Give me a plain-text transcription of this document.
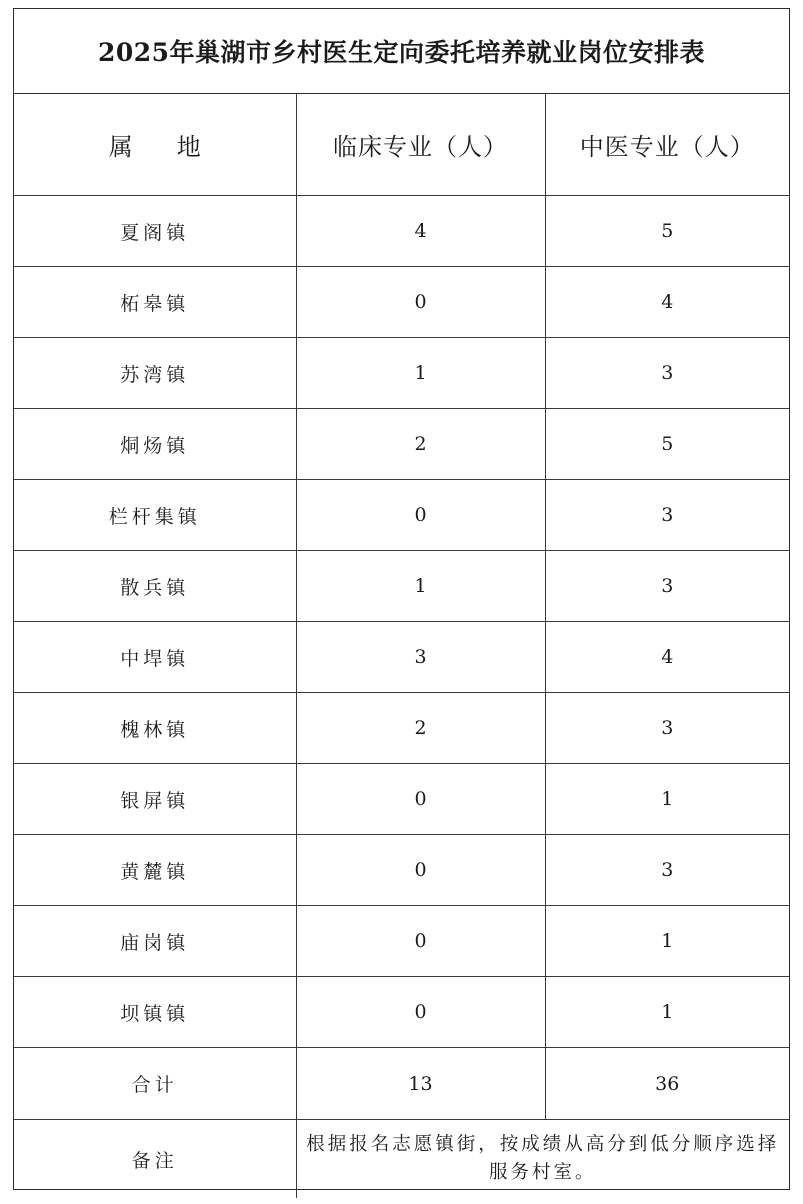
2025年巢湖市乡村医生定向委托培养就业岗位安排表
属 地	临床专业（人）	中医专业（人）
夏阁镇	4	5
柘皋镇	0	4
苏湾镇	1	3
烔炀镇	2	5
栏杆集镇	0	3
散兵镇	1	3
中垾镇	3	4
槐林镇	2	3
银屏镇	0	1
黄麓镇	0	3
庙岗镇	0	1
坝镇镇	0	1
合计	13	36
备注	根据报名志愿镇街，按成绩从高分到低分顺序选择服务村室。	
